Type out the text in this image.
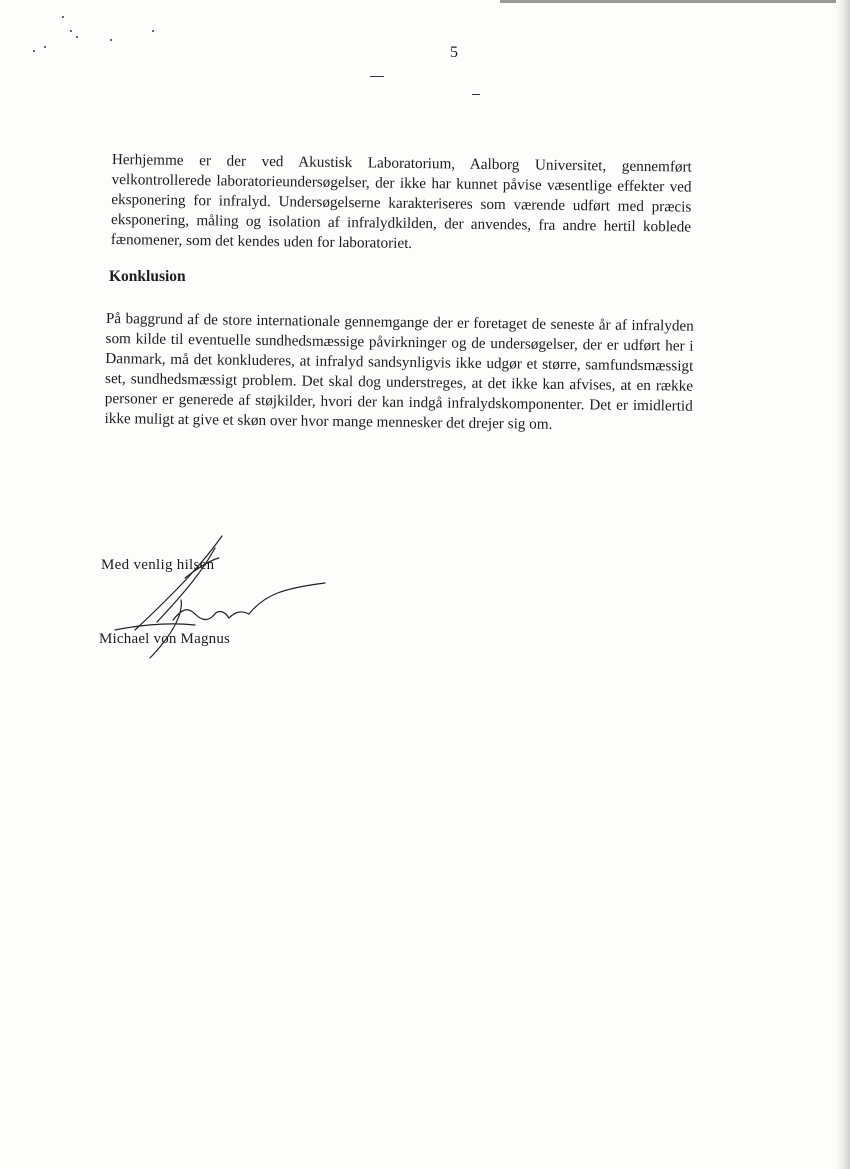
5

Herhjemme er der ved Akustisk Laboratorium, Aalborg Universitet, gennemført velkontrollerede laboratorieundersøgelser, der ikke har kunnet påvise væsentlige effekter ved eksponering for infralyd. Undersøgelserne karakteriseres som værende udført med præcis eksponering, måling og isolation af infralydkilden, der anvendes, fra andre hertil koblede fænomener, som det kendes uden for laboratoriet.

Konklusion

På baggrund af de store internationale gennemgange der er foretaget de seneste år af infralyden som kilde til eventuelle sundhedsmæssige påvirkninger og de undersøgelser, der er udført her i Danmark, må det konkluderes, at infralyd sandsynligvis ikke udgør et større, samfundsmæssigt set, sundhedsmæssigt problem. Det skal dog understreges, at det ikke kan afvises, at en række personer er generede af støjkilder, hvori der kan indgå infralydskomponenter. Det er imidlertid ikke muligt at give et skøn over hvor mange mennesker det drejer sig om.

Med venlig hilsen
Michael von Magnus
